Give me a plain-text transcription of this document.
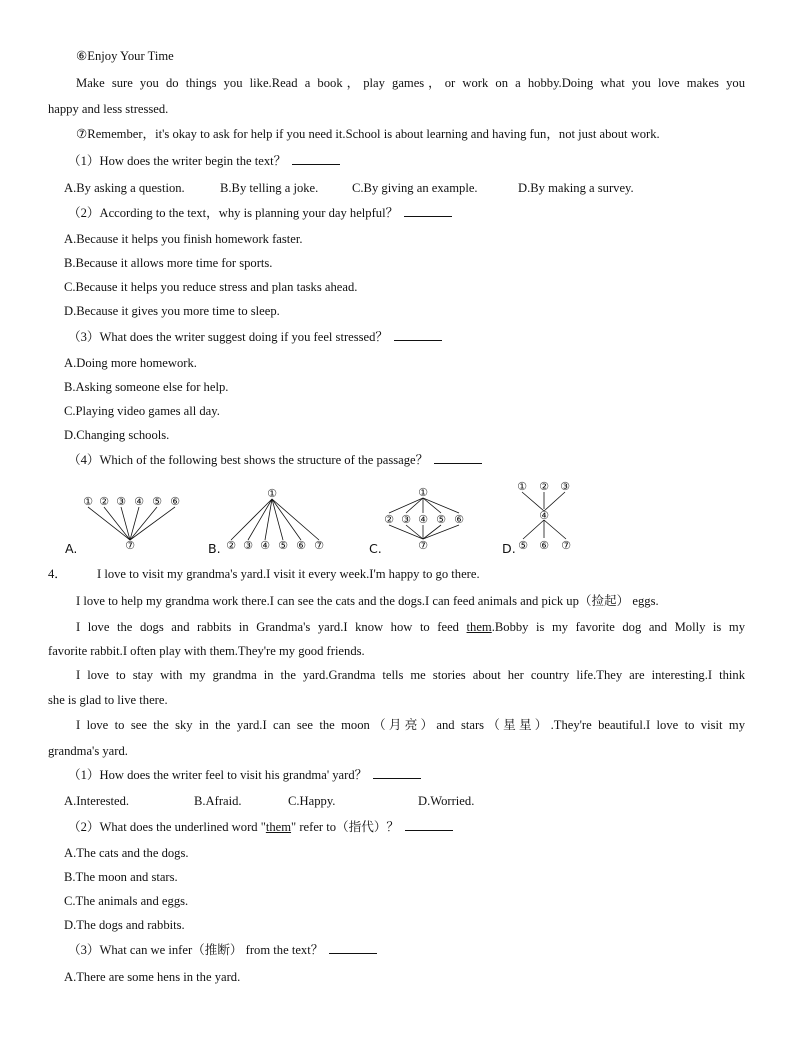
⑥Enjoy Your Time
Make sure you do things you like.Read a book，play games，or work on a hobby.Doing what you love makes you
happy and less stressed.
⑦Remember，it's okay to ask for help if you need it.School is about learning and having fun，not just about work.
（1）How does the writer begin the text？
A.By asking a question.	B.By telling a joke.	C.By giving an example.	D.By making a survey.
（2）According to the text，why is planning your day helpful？
A.Because it helps you finish homework faster.
B.Because it allows more time for sports.
C.Because it helps you reduce stress and plan tasks ahead.
D.Because it gives you more time to sleep.
（3）What does the writer suggest doing if you feel stressed？
A.Doing more homework.
B.Asking someone else for help.
C.Playing video games all day.
D.Changing schools.
（4）Which of the following best shows the structure of the passage？
① ② ③ ④ ⑤ ⑥
⑦
①
② ③ ④ ⑤ ⑥ ⑦
①
② ③ ④ ⑤ ⑥
⑦
① ② ③
④
⑤ ⑥ ⑦
A.	B.	C.	D.
4． I love to visit my grandma's yard.I visit it every week.I'm happy to go there.
I love to help my grandma work there.I can see the cats and the dogs.I can feed animals and pick up（捡起） eggs.
I love the dogs and rabbits in Grandma's yard.I know how to feed them.Bobby is my favorite dog and Molly is my
favorite rabbit.I often play with them.They're my good friends.
I love to stay with my grandma in the yard.Grandma tells me stories about her country life.They are interesting.I think
she is glad to live there.
I love to see the sky in the yard.I can see the moon（月亮）and stars（星星）.They're beautiful.I love to visit my
grandma's yard.
（1）How does the writer feel to visit his grandma' yard？
A.Interested.	B.Afraid.	C.Happy.	D.Worried.
（2）What does the underlined word "them" refer to（指代）？
A.The cats and the dogs.
B.The moon and stars.
C.The animals and eggs.
D.The dogs and rabbits.
（3）What can we infer（推断） from the text？
A.There are some hens in the yard.
